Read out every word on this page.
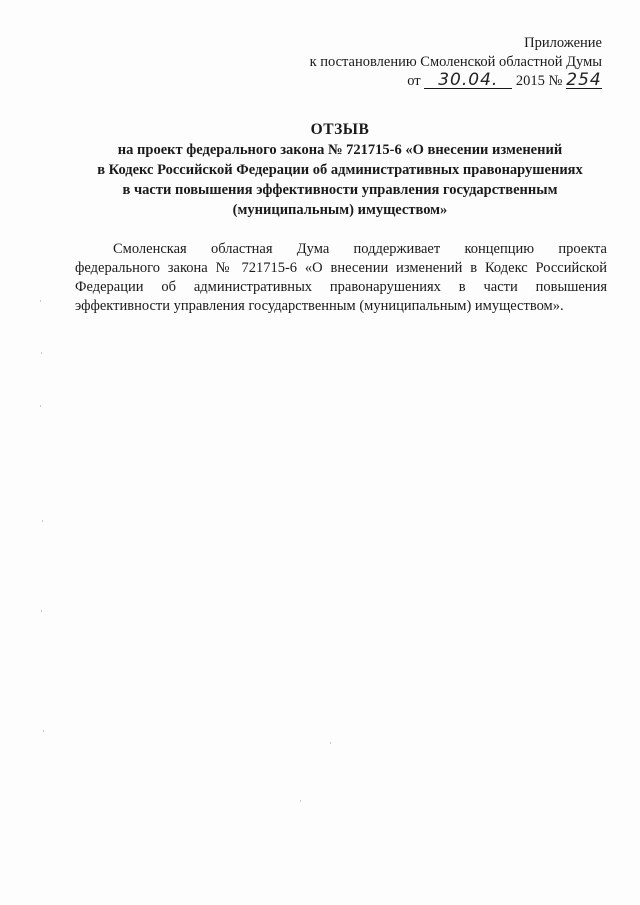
Приложение
к постановлению Смоленской областной Думы
от 30.04. 2015 № 254
ОТЗЫВ
на проект федерального закона № 721715-6 «О внесении изменений
в Кодекс Российской Федерации об административных правонарушениях
в части повышения эффективности управления государственным
(муниципальным) имуществом»
Смоленская областная Дума поддерживает концепцию проекта
федерального закона № 721715-6 «О внесении изменений в Кодекс Российской
Федерации об административных правонарушениях в части повышения
эффективности управления государственным (муниципальным) имуществом».
